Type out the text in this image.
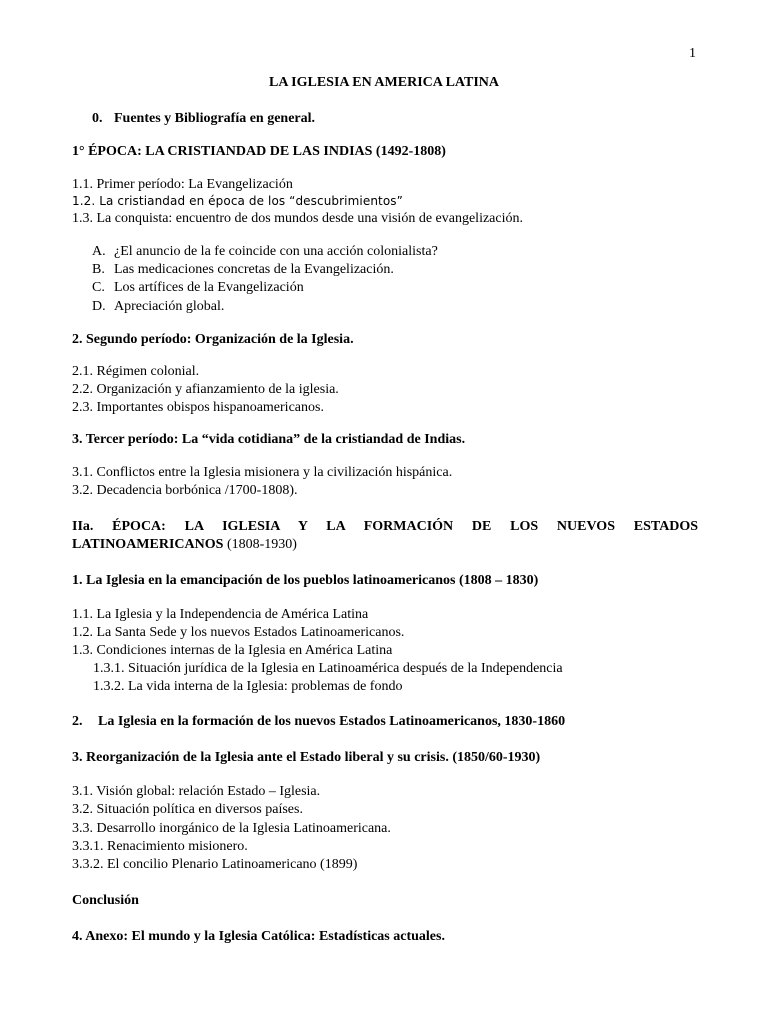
1
LA IGLESIA EN AMERICA LATINA
0. Fuentes y Bibliografía en general.
1° ÉPOCA: LA CRISTIANDAD DE LAS INDIAS (1492-1808)
1.1. Primer período: La Evangelización
1.2. La cristiandad en época de los “descubrimientos”
1.3. La conquista: encuentro de dos mundos desde una visión de evangelización.
A. ¿El anuncio de la fe coincide con una acción colonialista?
B. Las medicaciones concretas de la Evangelización.
C. Los artífices de la Evangelización
D. Apreciación global.
2. Segundo período: Organización de la Iglesia.
2.1. Régimen colonial.
2.2. Organización y afianzamiento de la iglesia.
2.3. Importantes obispos hispanoamericanos.
3. Tercer período: La “vida cotidiana” de la cristiandad de Indias.
3.1. Conflictos entre la Iglesia misionera y la civilización hispánica.
3.2. Decadencia borbónica /1700-1808).
IIa. ÉPOCA: LA IGLESIA Y LA FORMACIÓN DE LOS NUEVOS ESTADOS
LATINOAMERICANOS (1808-1930)
1. La Iglesia en la emancipación de los pueblos latinoamericanos (1808 – 1830)
1.1. La Iglesia y la Independencia de América Latina
1.2. La Santa Sede y los nuevos Estados Latinoamericanos.
1.3. Condiciones internas de la Iglesia en América Latina
1.3.1. Situación jurídica de la Iglesia en Latinoamérica después de la Independencia
1.3.2. La vida interna de la Iglesia: problemas de fondo
2. La Iglesia en la formación de los nuevos Estados Latinoamericanos, 1830-1860
3. Reorganización de la Iglesia ante el Estado liberal y su crisis. (1850/60-1930)
3.1. Visión global: relación Estado – Iglesia.
3.2. Situación política en diversos países.
3.3. Desarrollo inorgánico de la Iglesia Latinoamericana.
3.3.1. Renacimiento misionero.
3.3.2. El concilio Plenario Latinoamericano (1899)
Conclusión
4. Anexo: El mundo y la Iglesia Católica: Estadísticas actuales.
